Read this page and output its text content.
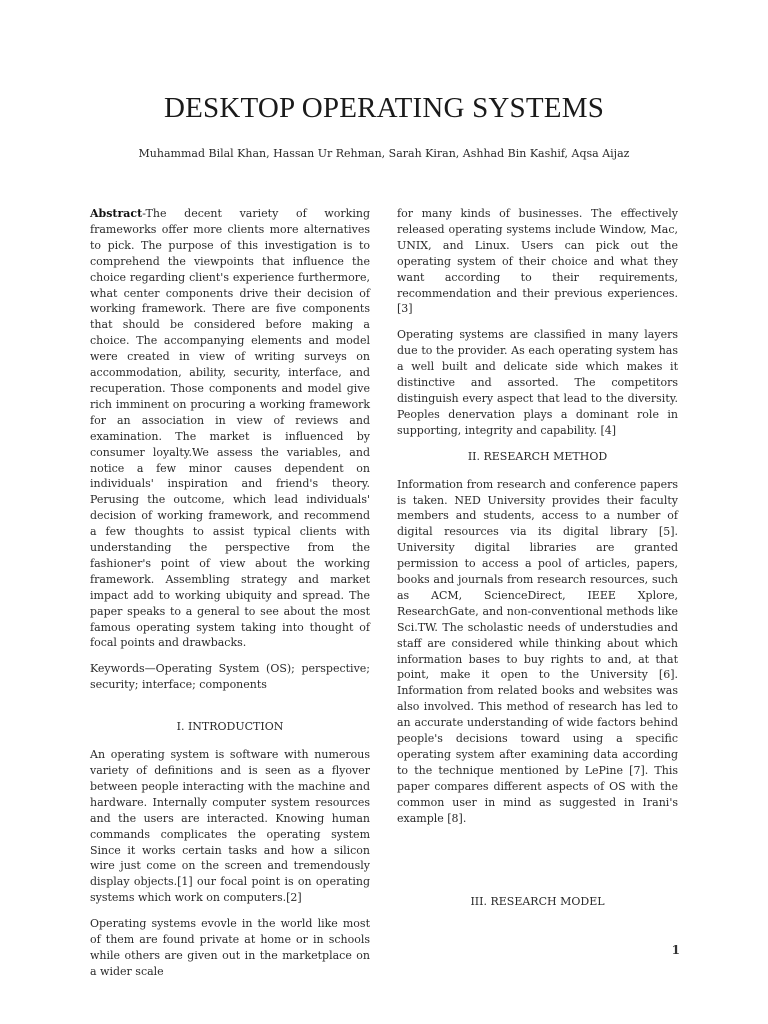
DESKTOP OPERATING SYSTEMS
Muhammad Bilal Khan, Hassan Ur Rehman, Sarah Kiran, Ashhad Bin Kashif, Aqsa Aijaz

Abstract-The decent variety of working frameworks offer more clients more alternatives to pick. The purpose of this investigation is to comprehend the viewpoints that influence the choice regarding client's experience furthermore, what center components drive their decision of working framework. There are five components that should be considered before making a choice. The accompanying elements and model were created in view of writing surveys on accommodation, ability, security, interface, and recuperation. Those components and model give rich imminent on procuring a working framework for an association in view of reviews and examination. The market is influenced by consumer loyalty.We assess the variables, and notice a few minor causes dependent on individuals' inspiration and friend's theory. Perusing the outcome, which lead individuals' decision of working framework, and recommend a few thoughts to assist typical clients with understanding the perspective from the fashioner's point of view about the working framework. Assembling strategy and market impact add to working ubiquity and spread. The paper speaks to a general to see about the most famous operating system taking into thought of focal points and drawbacks.

Keywords—Operating System (OS); perspective; security; interface; components

I. INTRODUCTION

An operating system is software with numerous variety of definitions and is seen as a flyover between people interacting with the machine and hardware. Internally computer system resources and the users are interacted. Knowing human commands complicates the operating system Since it works certain tasks and how a silicon wire just come on the screen and tremendously display objects.[1] our focal point is on operating systems which work on computers.[2]

Operating systems evovle in the world like most of them are found private at home or in schools while others are given out in the marketplace on a wider scale

for many kinds of businesses. The effectively released operating systems include Window, Mac, UNIX, and Linux. Users can pick out the operating system of their choice and what they want according to their requirements, recommendation and their previous experiences.[3]

Operating systems are classified in many layers due to the provider. As each operating system has a well built and delicate side which makes it distinctive and assorted. The competitors distinguish every aspect that lead to the diversity. Peoples denervation plays a dominant role in supporting, integrity and capability. [4]

II. RESEARCH METHOD

Information from research and conference papers is taken. NED University provides their faculty members and students, access to a number of digital resources via its digital library [5]. University digital libraries are granted permission to access a pool of articles, papers, books and journals from research resources, such as ACM, ScienceDirect, IEEE Xplore, ResearchGate, and non-conventional methods like Sci.TW. The scholastic needs of understudies and staff are considered while thinking about which information bases to buy rights to and, at that point, make it open to the University [6]. Information from related books and websites was also involved. This method of research has led to an accurate understanding of wide factors behind people's decisions toward using a specific operating system after examining data according to the technique mentioned by LePine [7]. This paper compares different aspects of OS with the common user in mind as suggested in Irani's example [8].

III. RESEARCH MODEL
1
